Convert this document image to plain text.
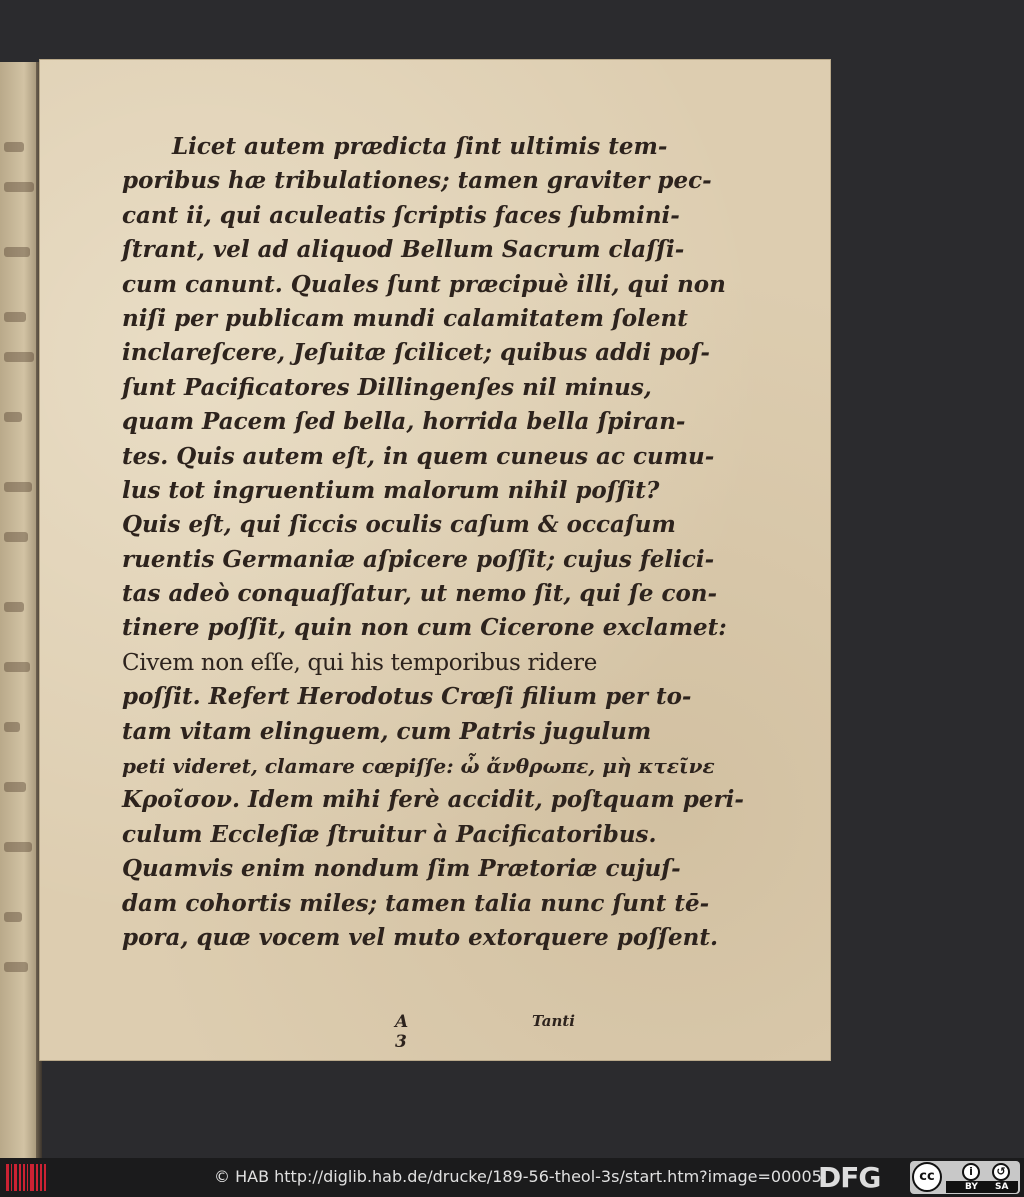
Licet autem prædicta ſint ultimis tem-
poribus hæ tribulationes; tamen graviter pec-
cant ii, qui aculeatis ſcriptis faces ſubmini-
ſtrant, vel ad aliquod Bellum Sacrum claſſi-
cum canunt. Quales ſunt præcipuè illi, qui non
niſi per publicam mundi calamitatem ſolent
inclareſcere, Jeſuitæ ſcilicet; quibus addi poſ-
ſunt Pacificatores Dillingenſes nil minus,
quam Pacem ſed bella, horrida bella ſpiran-
tes. Quis autem eſt, in quem cuneus ac cumu-
lus tot ingruentium malorum nihil poſſit?
Quis eſt, qui ſiccis oculis caſum & occaſum
ruentis Germaniæ aſpicere poſſit; cujus felici-
tas adeò conquaſſatur, ut nemo ſit, qui ſe con-
tinere poſſit, quin non cum Cicerone exclamet:
Civem non eſſe, qui his temporibus ridere
poſſit. Refert Herodotus Crœſi filium per to-
tam vitam elinguem, cum Patris jugulum
peti videret, clamare cœpiſſe: ὦ ἄνθρωπε, μὴ κτεῖνε
Κροῖσον. Idem mihi ferè accidit, poſtquam peri-
culum Eccleſiæ ſtruitur à Pacificatoribus.
Quamvis enim nondum ſim Prætoriæ cujuſ-
dam cohortis miles; tamen talia nunc ſunt tē-
pora, quæ vocem vel muto extorquere poſſent.
A 3
Tanti
© HAB http://diglib.hab.de/drucke/189-56-theol-3s/start.htm?image=00005
DFG	cc	i	↺
BY SA
